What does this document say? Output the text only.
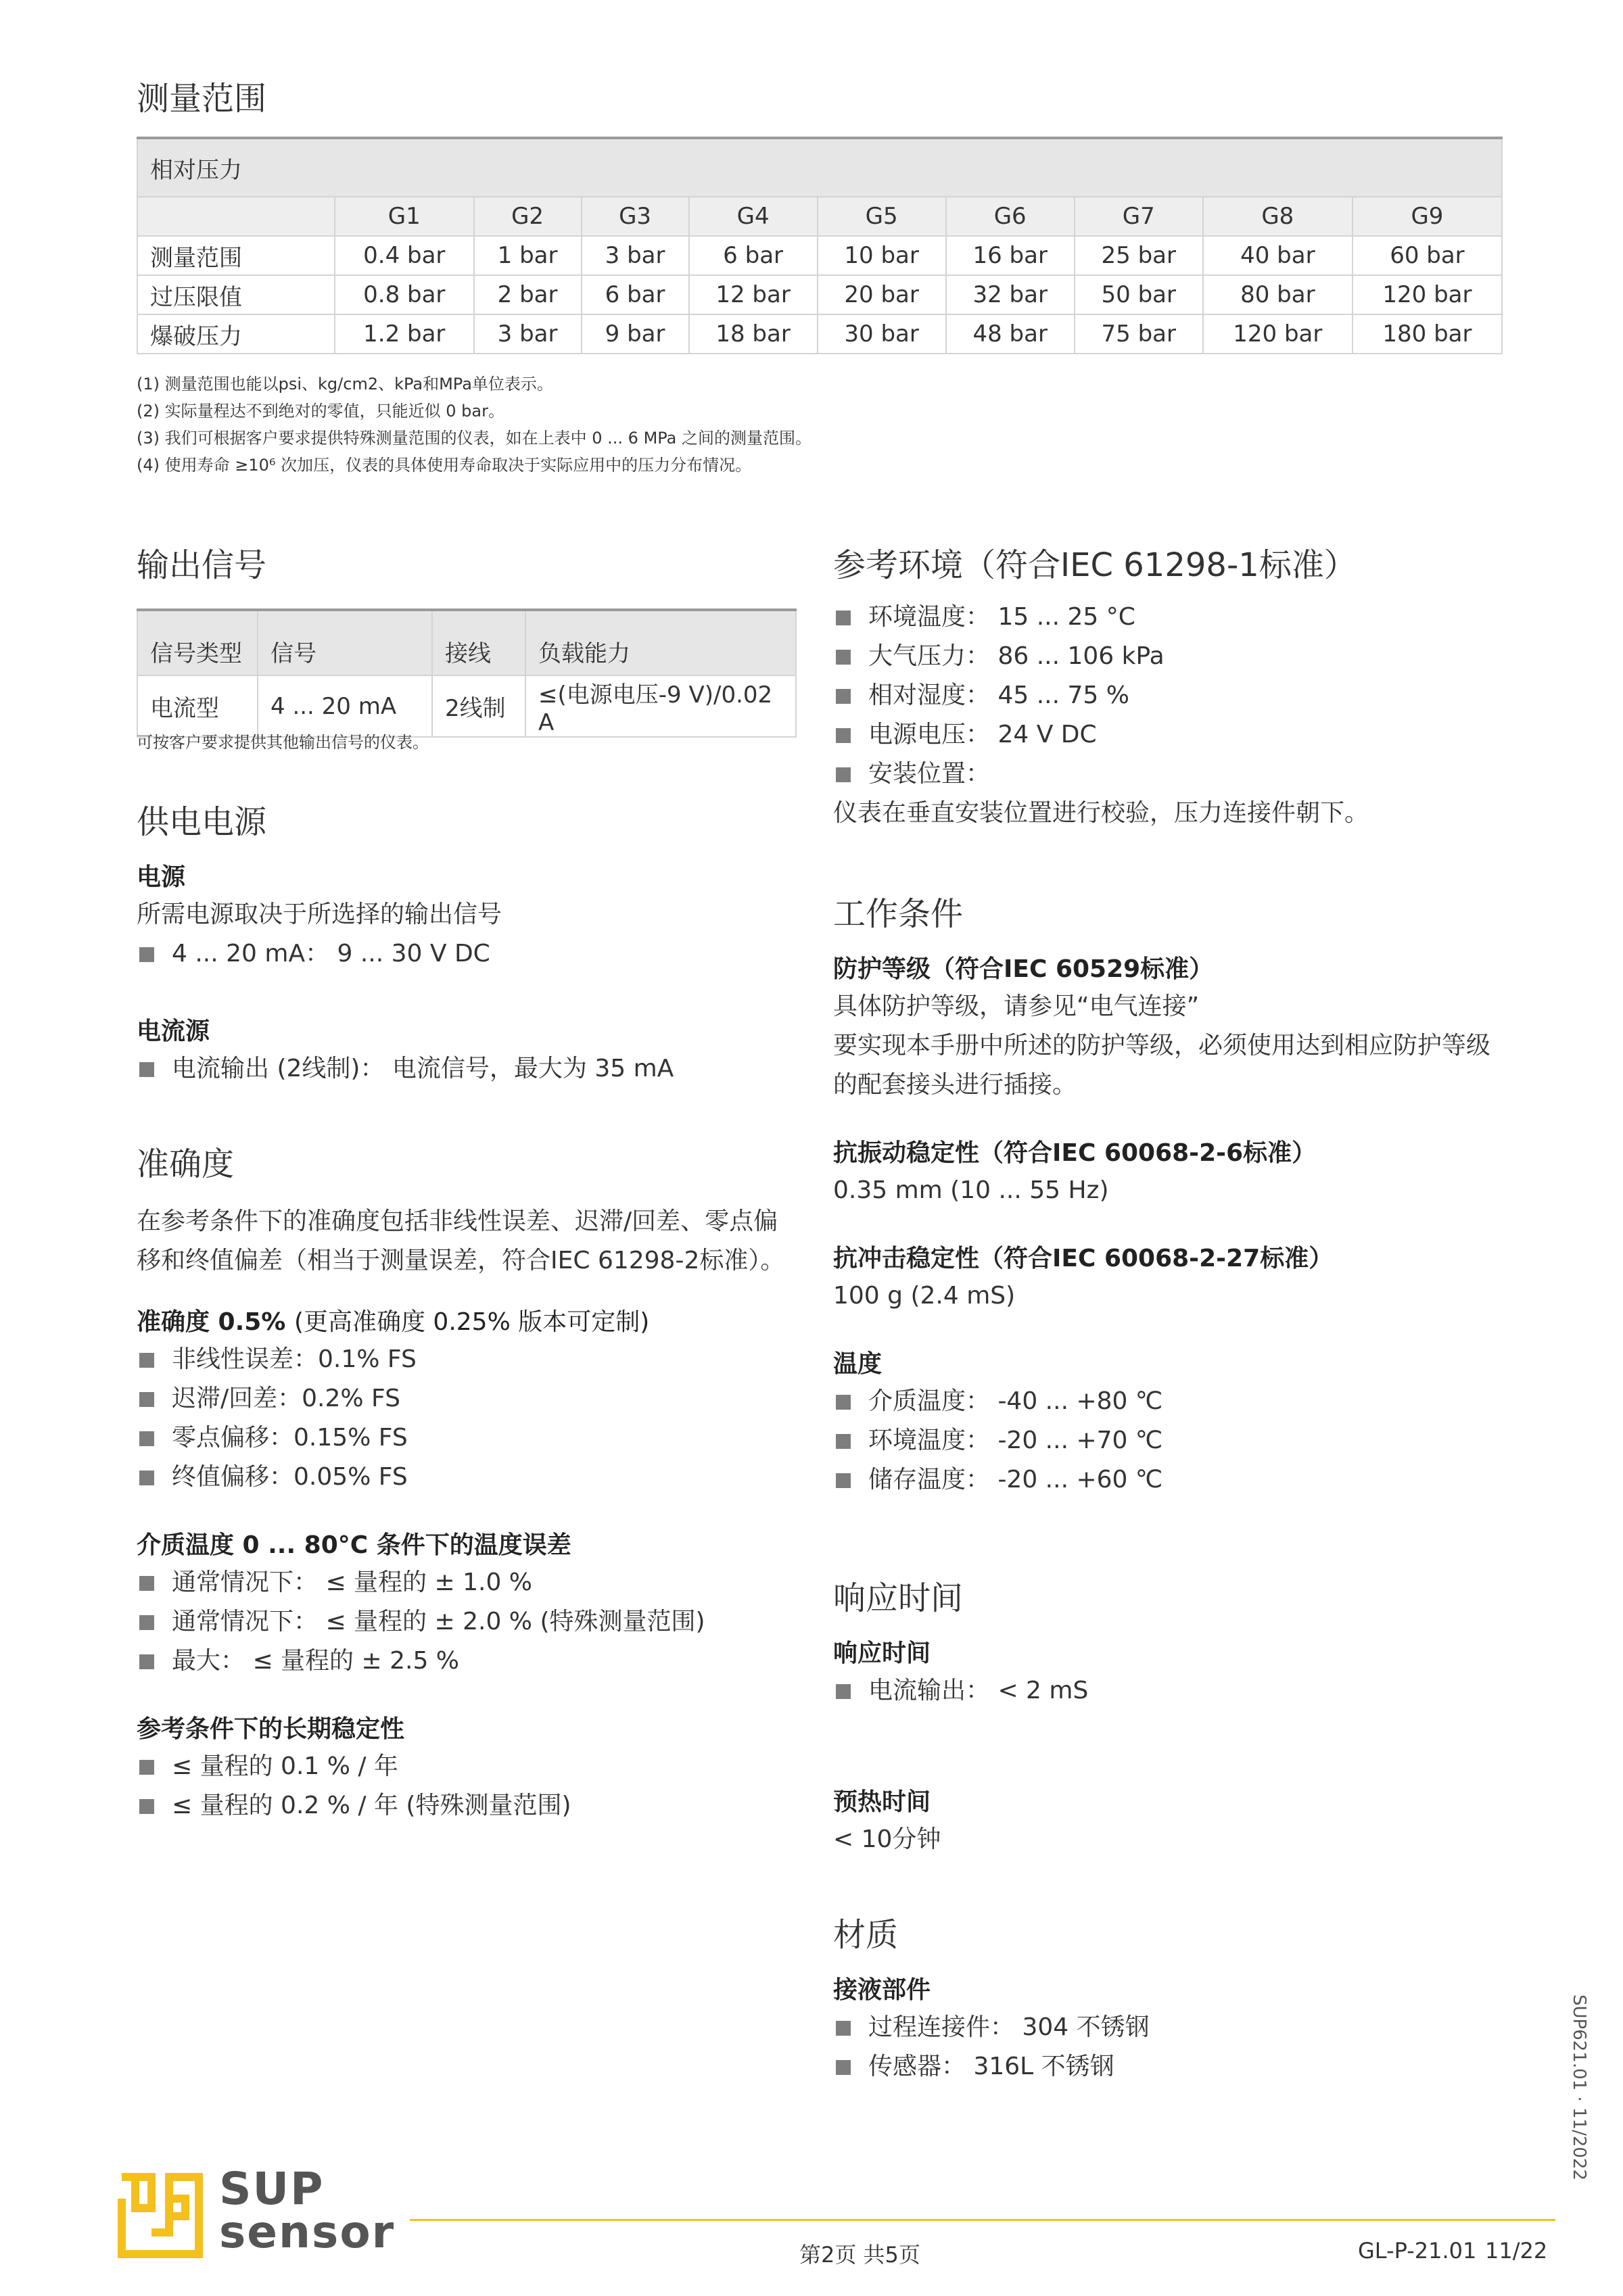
测量范围
相对压力									
	G1	G2	G3	G4	G5	G6	G7	G8	G9
测量范围	0.4 bar	1 bar	3 bar	6 bar	10 bar	16 bar	25 bar	40 bar	60 bar
过压限值	0.8 bar	2 bar	6 bar	12 bar	20 bar	32 bar	50 bar	80 bar	120 bar
爆破压力	1.2 bar	3 bar	9 bar	18 bar	30 bar	48 bar	75 bar	120 bar	180 bar
(1) 测量范围也能以psi、kg/cm2、kPa和MPa单位表示。
(2) 实际量程达不到绝对的零值，只能近似 0 bar。
(3) 我们可根据客户要求提供特殊测量范围的仪表，如在上表中 0 ... 6 MPa 之间的测量范围。
(4) 使用寿命 ≥10⁶ 次加压，仪表的具体使用寿命取决于实际应用中的压力分布情况。
输出信号
信号类型	信号	接线	负载能力
电流型	4 ... 20 mA	2线制	≤(电源电压-9 V)/0.02 A
可按客户要求提供其他输出信号的仪表。
供电电源
电源
所需电源取决于所选择的输出信号
4 ... 20 mA： 9 ... 30 V DC
电流源
电流输出 (2线制)： 电流信号，最大为 35 mA
准确度
在参考条件下的准确度包括非线性误差、迟滞/回差、零点偏移和终值偏差（相当于测量误差，符合IEC 61298-2标准）。
准确度 0.5% (更高准确度 0.25% 版本可定制)
非线性误差：0.1% FS
迟滞/回差：0.2% FS
零点偏移：0.15% FS
终值偏移：0.05% FS
介质温度 0 ... 80°C 条件下的温度误差
通常情况下： ≤ 量程的 ± 1.0 %
通常情况下： ≤ 量程的 ± 2.0 % (特殊测量范围)
最大： ≤ 量程的 ± 2.5 %
参考条件下的长期稳定性
≤ 量程的 0.1 % / 年
≤ 量程的 0.2 % / 年 (特殊测量范围)
参考环境（符合IEC 61298-1标准）
环境温度： 15 ... 25 °C
大气压力： 86 ... 106 kPa
相对湿度： 45 ... 75 %
电源电压： 24 V DC
安装位置：
仪表在垂直安装位置进行校验，压力连接件朝下。
工作条件
防护等级（符合IEC 60529标准）
具体防护等级，请参见“电气连接”
要实现本手册中所述的防护等级，必须使用达到相应防护等级的配套接头进行插接。
抗振动稳定性（符合IEC 60068-2-6标准）
0.35 mm (10 ... 55 Hz)
抗冲击稳定性（符合IEC 60068-2-27标准）
100 g (2.4 mS)
温度
介质温度： -40 ... +80 ℃
环境温度： -20 ... +70 ℃
储存温度： -20 ... +60 ℃
响应时间
响应时间
电流输出： < 2 mS
预热时间
< 10分钟
材质
接液部件
过程连接件： 304 不锈钢
传感器： 316L 不锈钢
SUP
sensor	第2页 共5页	GL-P-21.01 11/22
SUP621.01 · 11/2022
